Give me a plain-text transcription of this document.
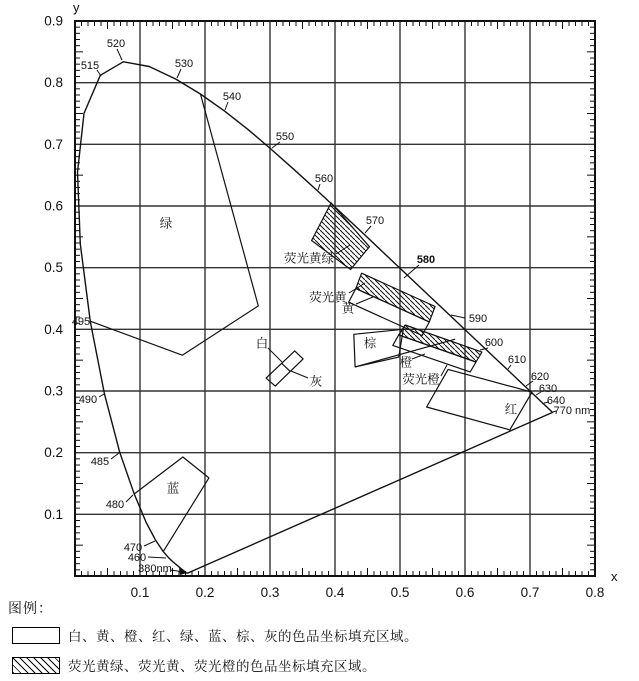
515
520
530
540
550
560
570
580
590
600
610
620
630
640
770 nm
495
490
485
480
470
460
380nm
绿
蓝
白
灰
棕
黄
荧光黄绿
荧光黄
橙
荧光橙
红
0.1	0.2	0.3	0.4	0.5	0.6	0.7	0.8
0.1
0.2
0.3
0.4
0.5
0.6
0.7
0.8
0.9
x
y
图例：
白、黄、橙、红、绿、蓝、棕、灰的色品坐标填充区域。
荧光黄绿、荧光黄、荧光橙的色品坐标填充区域。
